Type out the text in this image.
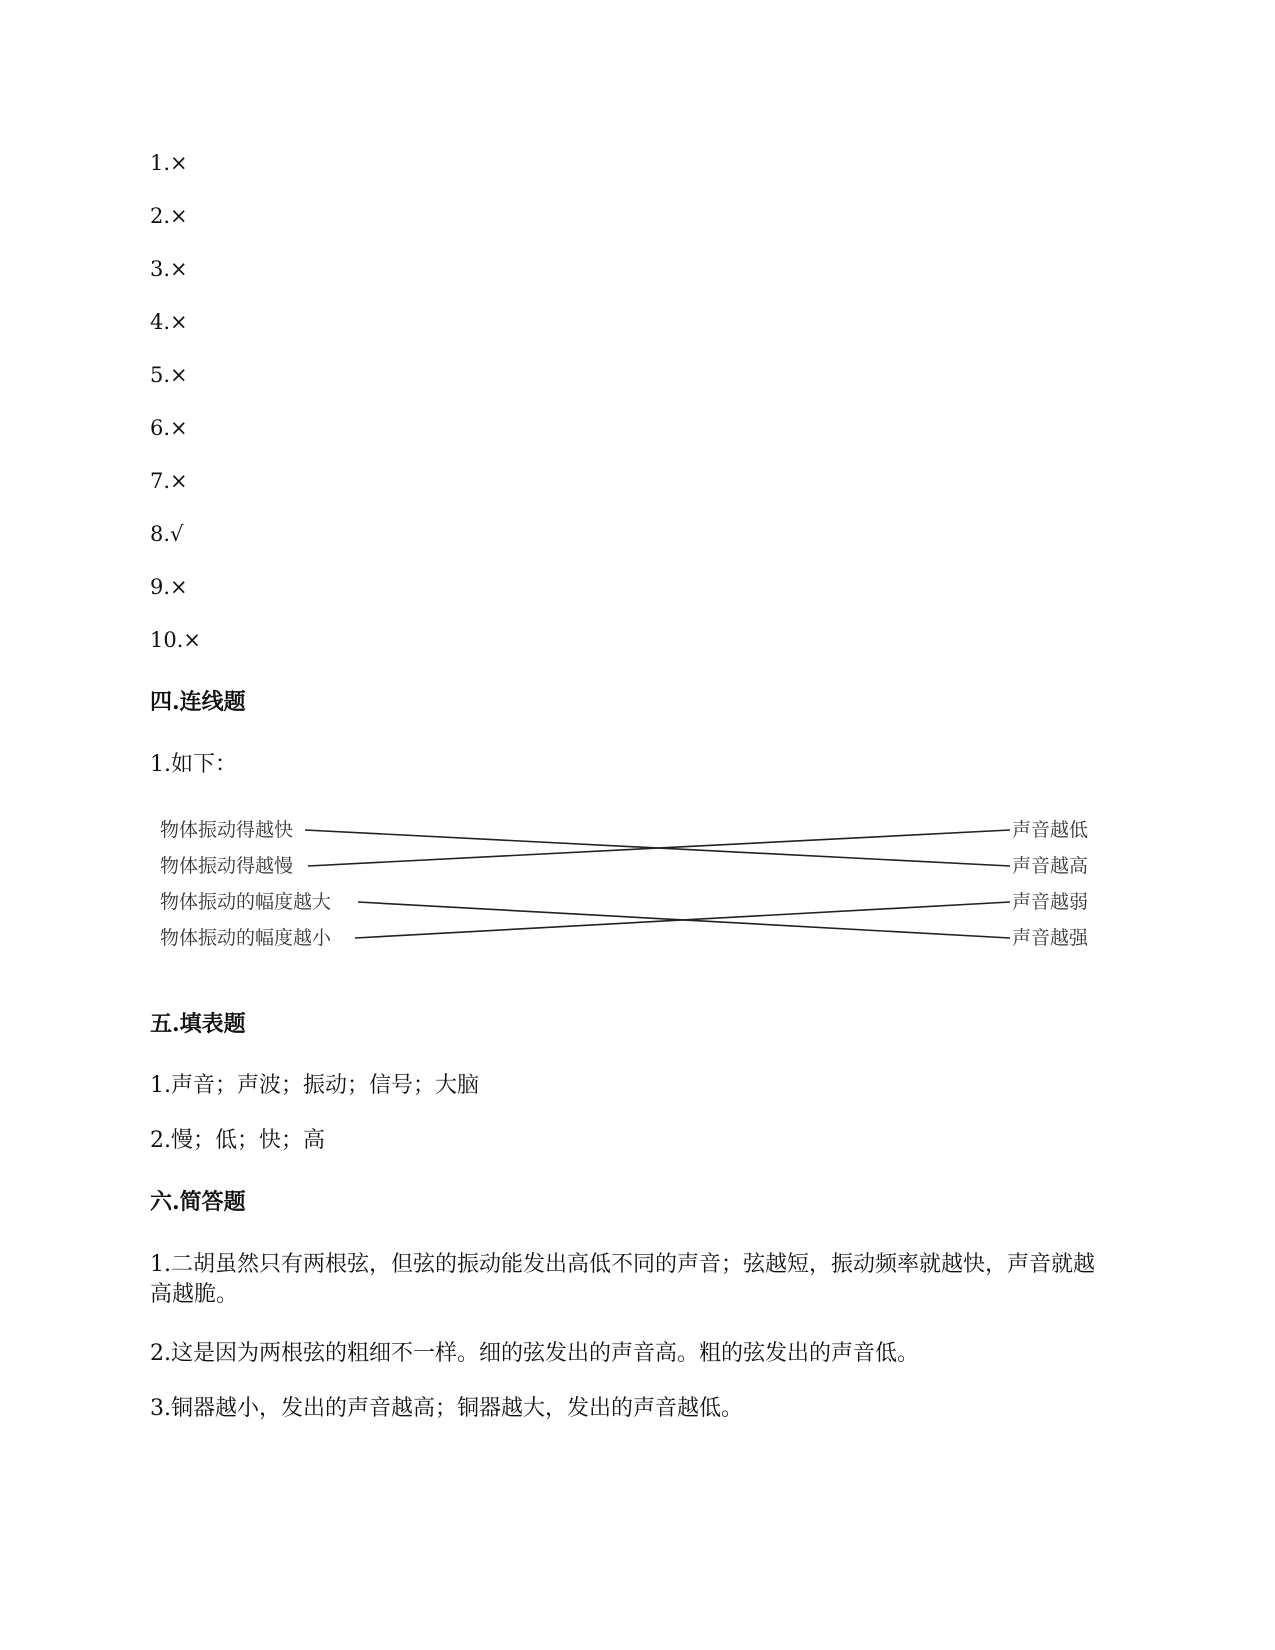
1.×
2.×
3.×
4.×
5.×
6.×
7.×
8.√
9.×
10.×
四.连线题
1.如下：
物体振动得越快
物体振动得越慢
物体振动的幅度越大
物体振动的幅度越小
声音越低
声音越高
声音越弱
声音越强
五.填表题
1.声音；声波；振动；信号；大脑
2.慢；低；快；高
六.简答题
1.二胡虽然只有两根弦，但弦的振动能发出高低不同的声音；弦越短，振动频率就越快，声音就越高越脆。
2.这是因为两根弦的粗细不一样。细的弦发出的声音高。粗的弦发出的声音低。
3.铜器越小，发出的声音越高；铜器越大，发出的声音越低。
